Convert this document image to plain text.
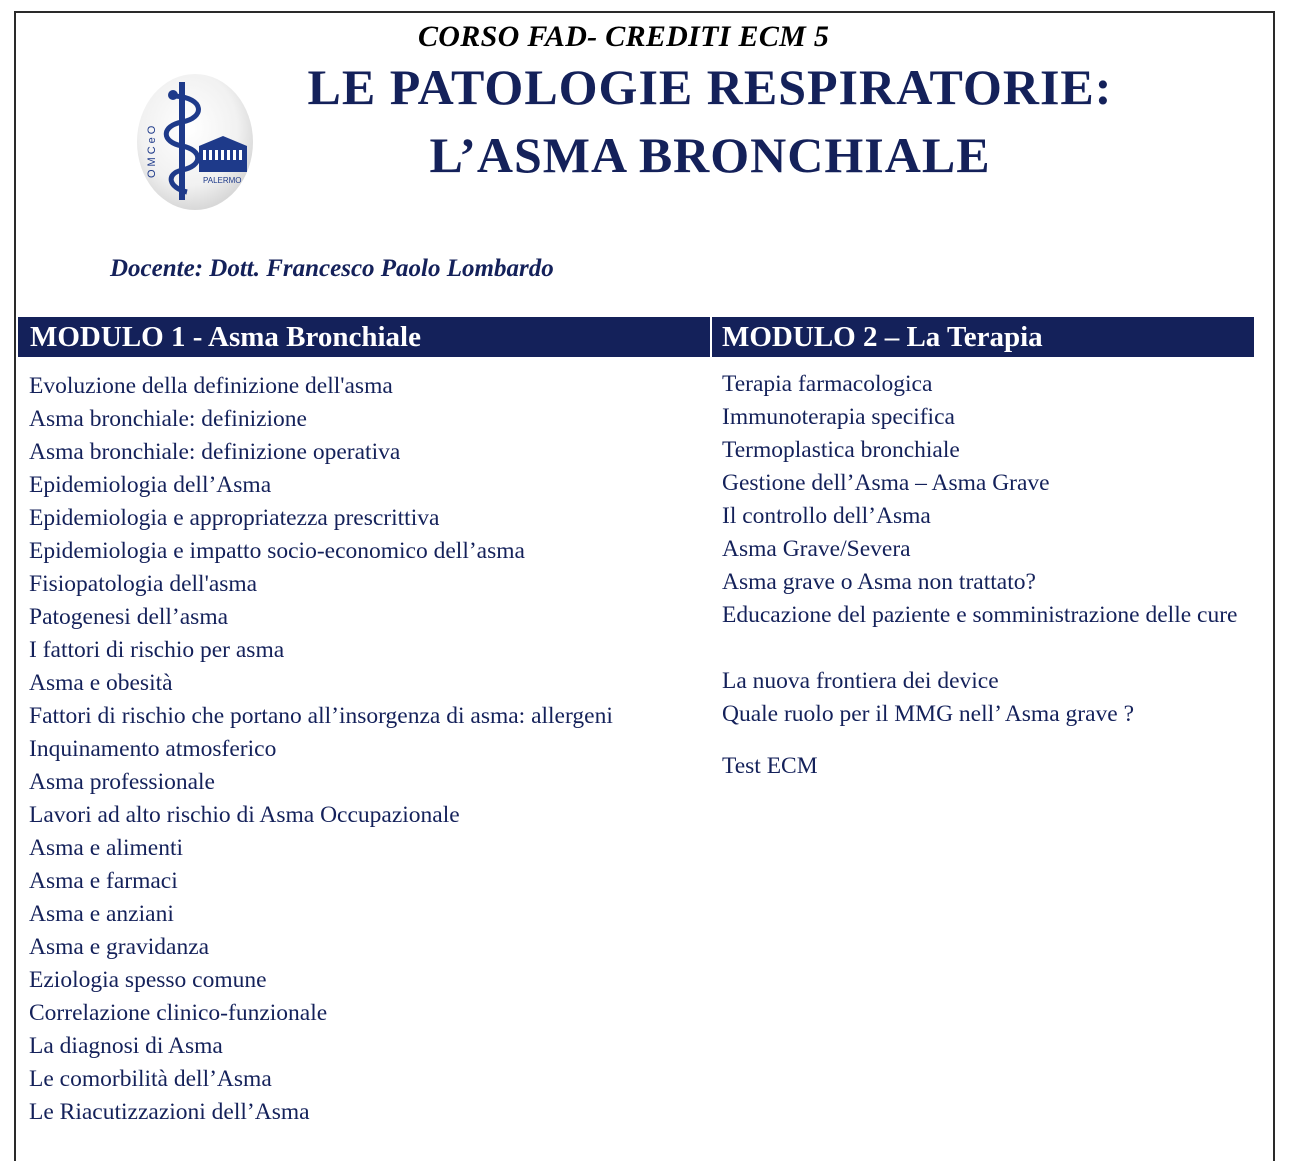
CORSO FAD- CREDITI ECM 5
PALERMO
OMCeO
LE PATOLOGIE RESPIRATORIE:
L’ASMA BRONCHIALE
Docente: Dott. Francesco Paolo Lombardo
MODULO 1 - Asma Bronchiale	MODULO 2 – La Terapia
Evoluzione della definizione dell'asma
Asma bronchiale: definizione
Asma bronchiale: definizione operativa
Epidemiologia dell’Asma
Epidemiologia e appropriatezza prescrittiva
Epidemiologia e impatto socio-economico dell’asma
Fisiopatologia dell'asma
Patogenesi dell’asma
I fattori di rischio per asma
Asma e obesità
Fattori di rischio che portano all’insorgenza di asma: allergeni
Inquinamento atmosferico
Asma professionale
Lavori ad alto rischio di Asma Occupazionale
Asma e alimenti
Asma e farmaci
Asma e anziani
Asma e gravidanza
Eziologia spesso comune
Correlazione clinico-funzionale
La diagnosi di Asma
Le comorbilità dell’Asma
Le Riacutizzazioni dell’Asma
Terapia farmacologica
Immunoterapia specifica
Termoplastica bronchiale
Gestione dell’Asma – Asma Grave
Il controllo dell’Asma
Asma Grave/Severa
Asma grave o Asma non trattato?
Educazione del paziente e somministrazione delle cure
La nuova frontiera dei device
Quale ruolo per il MMG nell’ Asma grave ?
Test ECM
